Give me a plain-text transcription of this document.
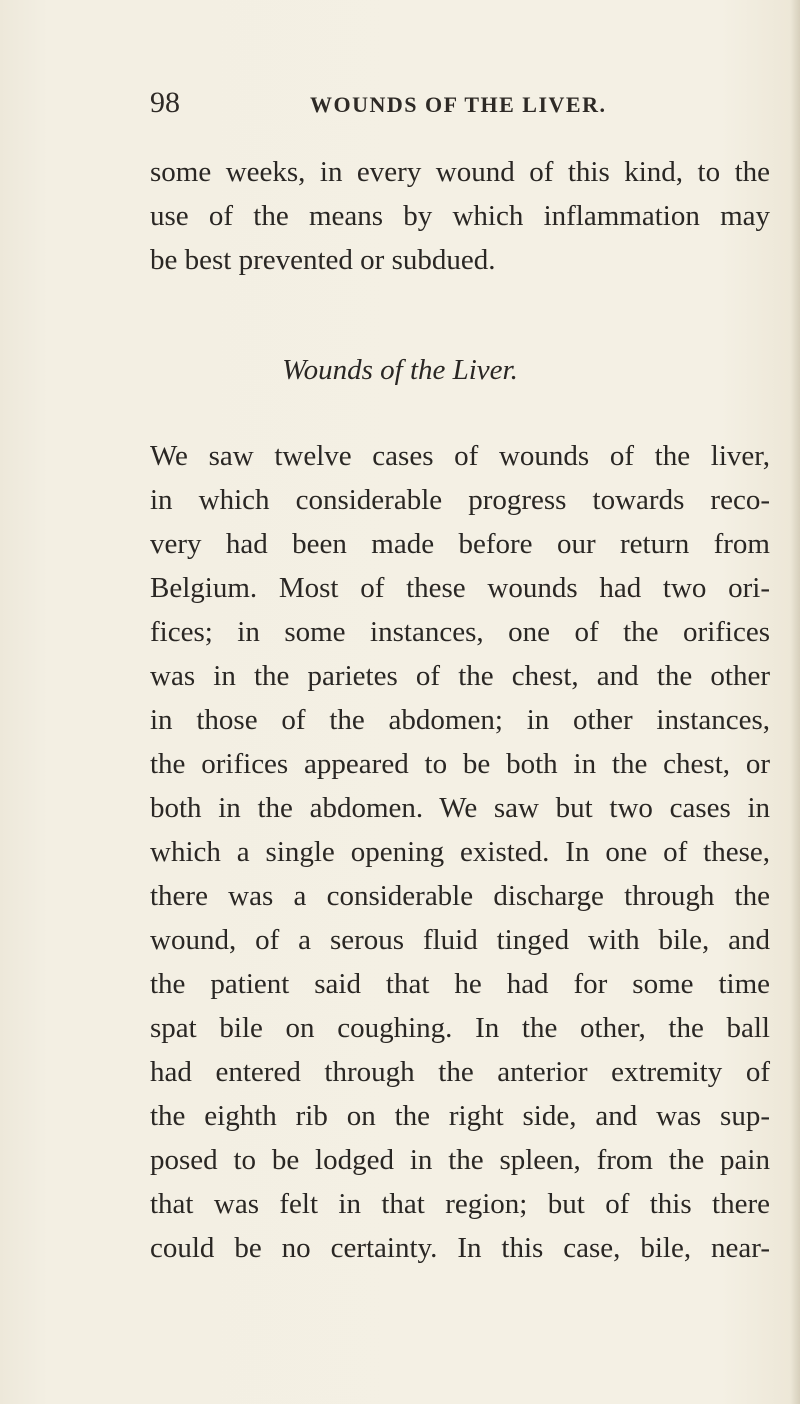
98	WOUNDS OF THE LIVER.
some weeks, in every wound of this kind, to the
use of the means by which inflammation may
be best prevented or subdued.
Wounds of the Liver.
We saw twelve cases of wounds of the liver,
in which considerable progress towards reco-
very had been made before our return from
Belgium. Most of these wounds had two ori-
fices; in some instances, one of the orifices
was in the parietes of the chest, and the other
in those of the abdomen; in other instances,
the orifices appeared to be both in the chest, or
both in the abdomen. We saw but two cases in
which a single opening existed. In one of these,
there was a considerable discharge through the
wound, of a serous fluid tinged with bile, and
the patient said that he had for some time
spat bile on coughing. In the other, the ball
had entered through the anterior extremity of
the eighth rib on the right side, and was sup-
posed to be lodged in the spleen, from the pain
that was felt in that region; but of this there
could be no certainty. In this case, bile, near-
